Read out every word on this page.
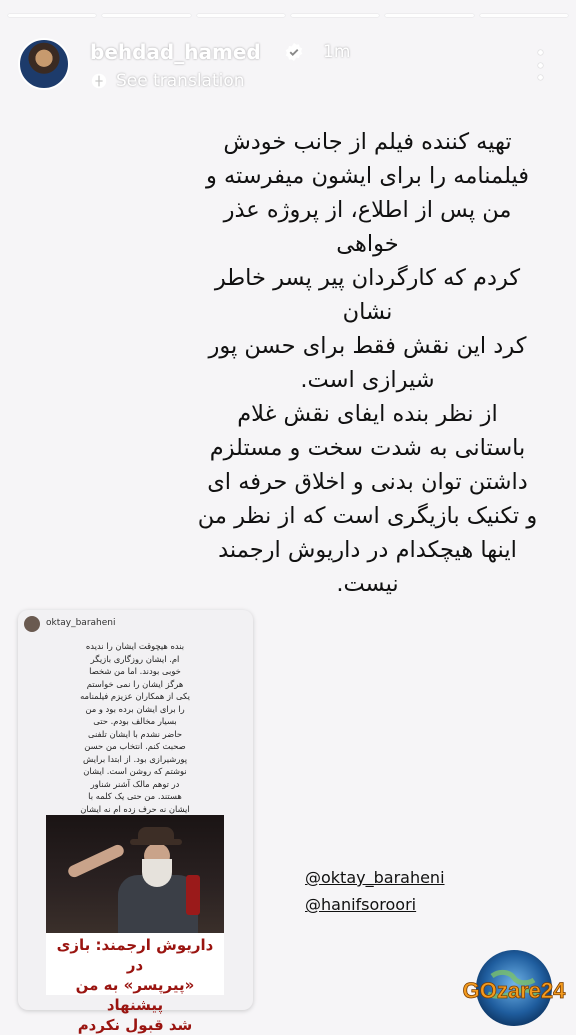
behdad_hamed	1m
See translation

تهیه کننده فیلم از جانب خودش

فیلمنامه را برای ایشون میفرسته و

من پس از اطلاع، از پروژه عذر خواهی

کردم که کارگردان پیر پسر خاطر نشان

کرد این نقش فقط برای حسن پور

شیرازی است.

از نظر بنده ایفای نقش غلام

باستانی به شدت سخت و مستلزم

داشتن توان بدنی و اخلاق حرفه ای

و تکنیک بازیگری است که از نظر من

اینها هیچکدام در داریوش ارجمند

نیست.

oktay_baraheni
بنده هیچوقت ایشان را ندیده
ام. ایشان روزگاری بازیگر
خوبی بودند. اما من شخصا
هرگز ایشان را نمی خواستم
یکی از همکاران عزیزم فیلمنامه
را برای ایشان برده بود و من
بسیار مخالف بودم. حتی
حاضر نشدم با ایشان تلفنی
صحبت کنم. انتخاب من حسن
پورشیرازی بود. از ابتدا برایش
نوشتم که روشن است. ایشان
در توهم مالک آشنر شناور
هستند. من حتی یک کلمه با
ایشان نه حرف زده ام نه ایشان
داریوش ارجمند: بازی در
«پیرپسر» به من پیشنهاد
شد قبول نکردم
@oktay_baraheni
@hanifsoroori
GOzare24
